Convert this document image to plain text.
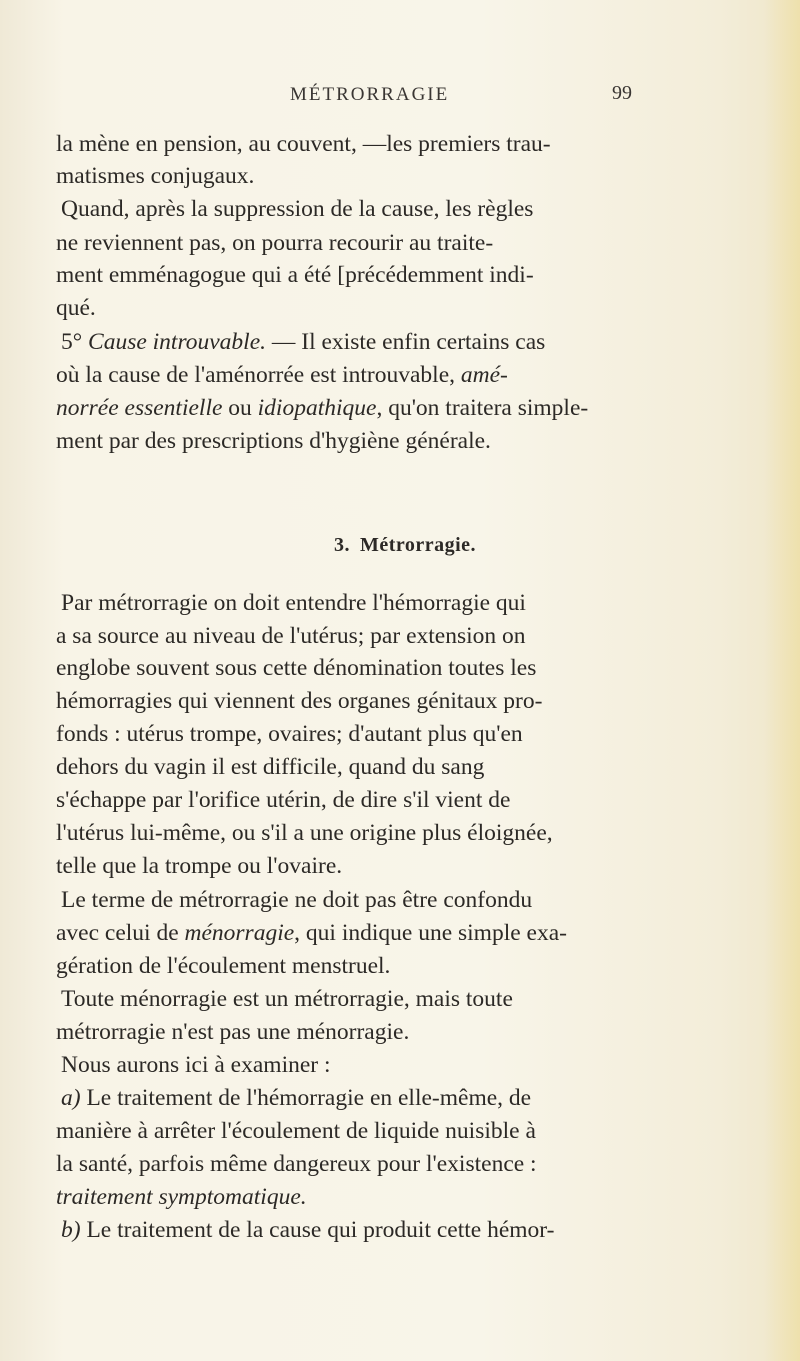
MÉTRORRAGIE	99
la mène en pension, au couvent, —les premiers trau-
matismes conjugaux.
Quand, après la suppression de la cause, les règles
ne reviennent pas, on pourra recourir au traite-
ment emménagogue qui a été [précédemment indi-
qué.
5° Cause introuvable. — Il existe enfin certains cas
où la cause de l'aménorrée est introuvable, amé-
norrée essentielle ou idiopathique, qu'on traitera simple-
ment par des prescriptions d'hygiène générale.
3. Métrorragie.
Par métrorragie on doit entendre l'hémorragie qui
a sa source au niveau de l'utérus; par extension on
englobe souvent sous cette dénomination toutes les
hémorragies qui viennent des organes génitaux pro-
fonds : utérus trompe, ovaires; d'autant plus qu'en
dehors du vagin il est difficile, quand du sang
s'échappe par l'orifice utérin, de dire s'il vient de
l'utérus lui-même, ou s'il a une origine plus éloignée,
telle que la trompe ou l'ovaire.
Le terme de métrorragie ne doit pas être confondu
avec celui de ménorragie, qui indique une simple exa-
gération de l'écoulement menstruel.
Toute ménorragie est un métrorragie, mais toute
métrorragie n'est pas une ménorragie.
Nous aurons ici à examiner :
a) Le traitement de l'hémorragie en elle-même, de
manière à arrêter l'écoulement de liquide nuisible à
la santé, parfois même dangereux pour l'existence :
traitement symptomatique.
b) Le traitement de la cause qui produit cette hémor-
